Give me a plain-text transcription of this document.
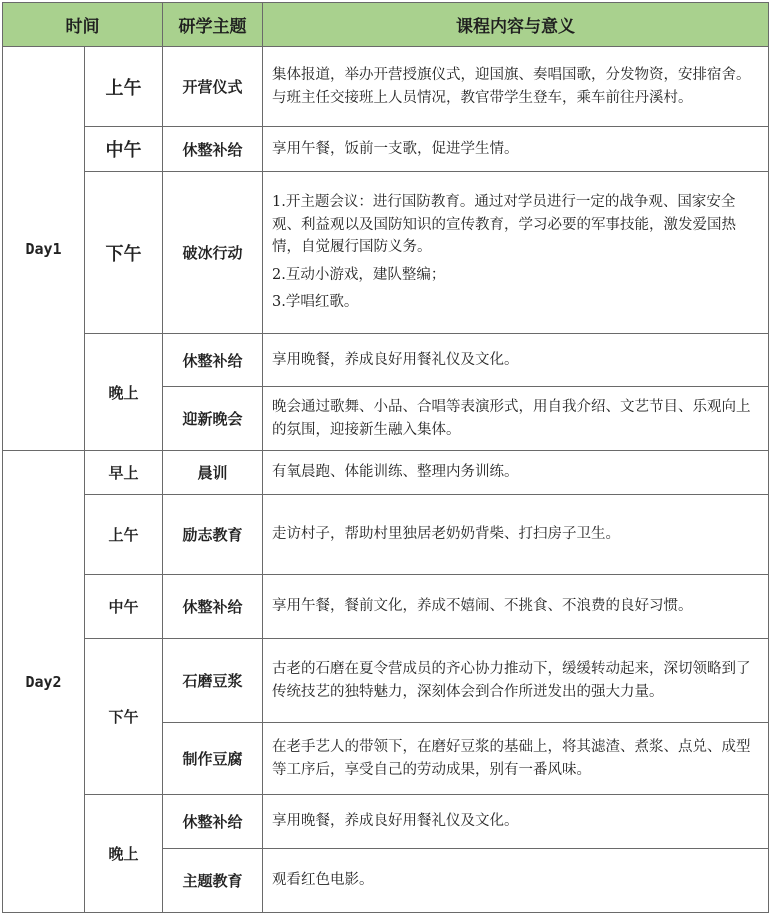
时间		研学主题	课程内容与意义
Day1	上午	开营仪式	集体报道，举办开营授旗仪式，迎国旗、奏唱国歌，分发物资，安排宿舍。与班主任交接班上人员情况，教官带学生登车，乘车前往丹溪村。

	中午	休整补给	享用午餐，饭前一支歌，促进学生情。

	下午	破冰行动	1.开主题会议：进行国防教育。通过对学员进行一定的战争观、国家安全观、利益观以及国防知识的宣传教育，学习必要的军事技能，激发爱国热情，自觉履行国防义务。
2.互动小游戏，建队整编；
3.学唱红歌。

	晚上	休整补给	享用晚餐，养成良好用餐礼仪及文化。

		迎新晚会	晚会通过歌舞、小品、合唱等表演形式，用自我介绍、文艺节目、乐观向上的氛围，迎接新生融入集体。

Day2	早上	晨训	有氧晨跑、体能训练、整理内务训练。

	上午	励志教育	走访村子，帮助村里独居老奶奶背柴、打扫房子卫生。

	中午	休整补给	享用午餐，餐前文化，养成不嬉闹、不挑食、不浪费的良好习惯。

	下午	石磨豆浆	古老的石磨在夏令营成员的齐心协力推动下，缓缓转动起来，深切领略到了传统技艺的独特魅力，深刻体会到合作所迸发出的强大力量。

		制作豆腐	在老手艺人的带领下，在磨好豆浆的基础上，将其滤渣、煮浆、点兑、成型等工序后，享受自己的劳动成果，别有一番风味。

	晚上	休整补给	享用晚餐，养成良好用餐礼仪及文化。

		主题教育	观看红色电影。
